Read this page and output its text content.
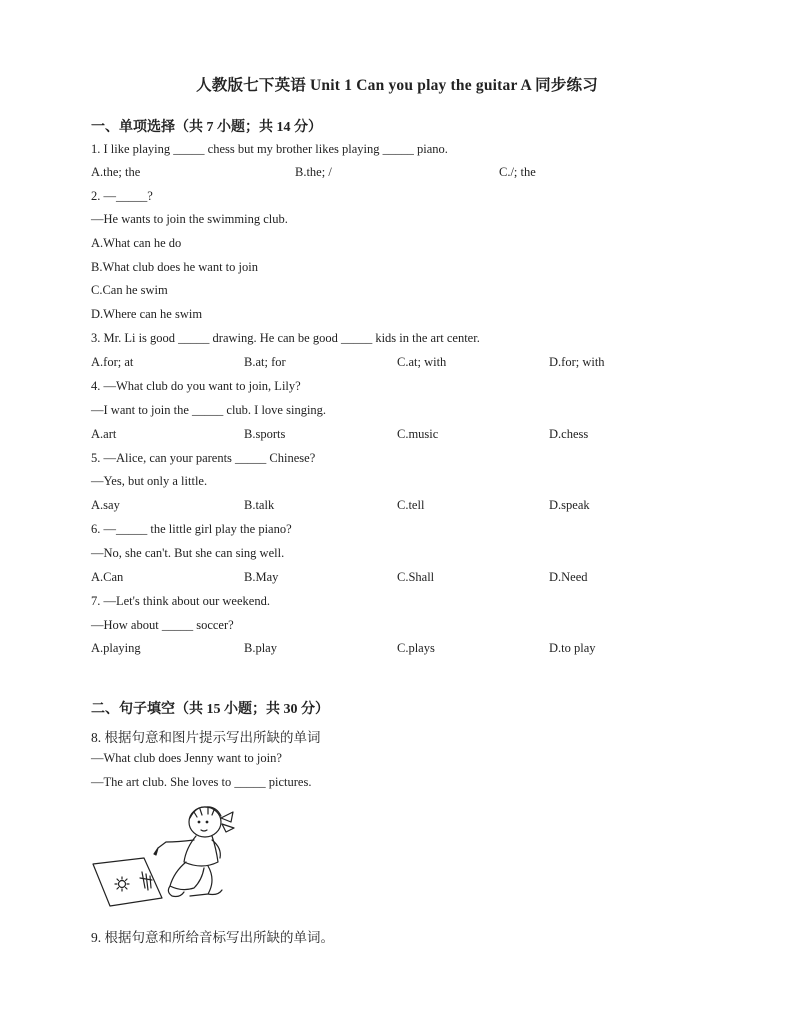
人教版七下英语 Unit 1 Can you play the guitar A 同步练习
一、单项选择（共 7 小题；共 14 分）
1. I like playing _____ chess but my brother likes playing _____ piano.
A.the; the	B.the; /	C./; the
2. —_____?
—He wants to join the swimming club.
A.What can he do
B.What club does he want to join
C.Can he swim
D.Where can he swim
3. Mr. Li is good _____ drawing. He can be good _____ kids in the art center.
A.for; at	B.at; for	C.at; with	D.for; with
4. —What club do you want to join, Lily?
—I want to join the _____ club. I love singing.
A.art	B.sports	C.music	D.chess
5. —Alice, can your parents _____ Chinese?
—Yes, but only a little.
A.say	B.talk	C.tell	D.speak
6. —_____ the little girl play the piano?
—No, she can't. But she can sing well.
A.Can	B.May	C.Shall	D.Need
7. —Let's think about our weekend.
—How about _____ soccer?
A.playing	B.play	C.plays	D.to play
二、句子填空（共 15 小题；共 30 分）
8. 根据句意和图片提示写出所缺的单词
—What club does Jenny want to join?
—The art club. She loves to _____ pictures.
9. 根据句意和所给音标写出所缺的单词。
